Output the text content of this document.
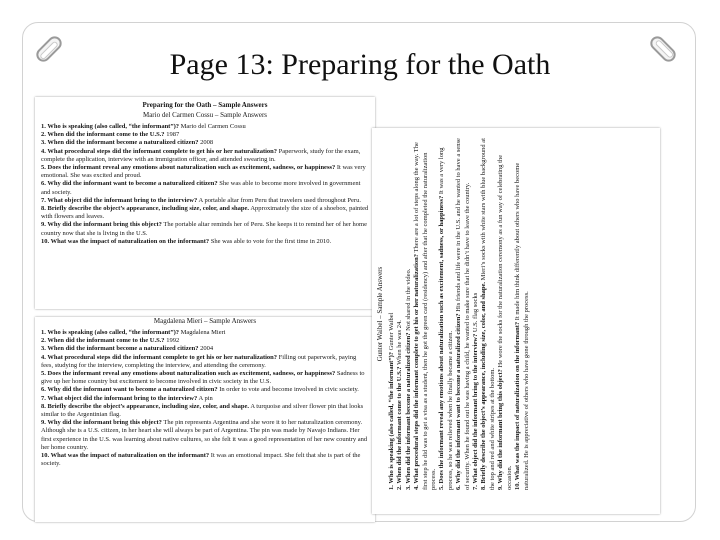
Page 13: Preparing for the Oath
Preparing for the Oath – Sample Answers
Mario del Carmen Cossu – Sample Answers

1. Who is speaking (also called, “the informant”)? Mario del Carmen Cossu

2. When did the informant come to the U.S.? 1987

3. When did the informant become a naturalized citizen? 2008

4. What procedural steps did the informant complete to get his or her naturalization? Paperwork, study for the exam, complete the application, interview with an immigration officer, and attended swearing in.

5. Does the informant reveal any emotions about naturalization such as excitement, sadness, or happiness? It was very emotional. She was excited and proud.

6. Why did the informant want to become a naturalized citizen? She was able to become more involved in government and society.

7. What object did the informant bring to the interview? A portable altar from Peru that travelers used throughout Peru.

8. Briefly describe the object’s appearance, including size, color, and shape. Approximately the size of a shoebox, painted with flowers and leaves.

9. Why did the informant bring this object? The portable altar reminds her of Peru. She keeps it to remind her of her home country now that she is living in the U.S.

10. What was the impact of naturalization on the informant? She was able to vote for the first time in 2010.

Magdalena Mieri – Sample Answers

1. Who is speaking (also called, “the informant”)? Magdalena Mieri

2. When did the informant come to the U.S.? 1992

3. When did the informant become a naturalized citizen? 2004

4. What procedural steps did the informant complete to get his or her naturalization? Filling out paperwork, paying fees, studying for the interview, completing the interview, and attending the ceremony.

5. Does the informant reveal any emotions about naturalization such as excitement, sadness, or happiness? Sadness to give up her home country but excitement to become involved in civic society in the U.S.

6. Why did the informant want to become a naturalized citizen? In order to vote and become involved in civic society.

7. What object did the informant bring to the interview? A pin

8. Briefly describe the object’s appearance, including size, color, and shape. A turquoise and silver flower pin that looks similar to the Argentinian flag.

9. Why did the informant bring this object? The pin represents Argentina and she wore it to her naturalization ceremony. Although she is a U.S. citizen, in her heart she will always be part of Argentina. The pin was made by Navajo Indians. Her first experience in the U.S. was learning about native cultures, so she felt it was a good representation of her new country and her home country.

10. What was the impact of naturalization on the informant? It was an emotional impact. She felt that she is part of the society.

Gunter Waibel – Sample Answers

1. Who is speaking (also called, “the informant”)? Gunter Waibel

2. When did the informant come to the U.S.? When he was 24. 3. When did the informant become a naturalized citizen? Not shared in the video. 4. What procedural steps did the informant complete to get his or her naturalization? There are a lot of steps along the way. The first step he did was to get a visa as a student, then he got the green card (residency) and after that he completed the naturalization process. 5. Does the informant reveal any emotions about naturalization such as excitement, sadness, or happiness? It was a very long process, so he was relieved when he finally became a citizen. 6. Why did the informant want to become a naturalized citizen? His friends and life were in the U.S. and he wanted to have a sense of security. When he found out he was having a child, he wanted to make sure that he didn’t have to leave the country. 7. What object did the informant bring to the interview? U.S. flag socks 8. Briefly describe the object’s appearance, including size, color, and shape. Mieri’s socks with white stars with blue background at the top and red and white stripes at the bottom. 9. Why did the informant bring this object? He wore the socks for the naturalization ceremony as a fun way of celebrating the occasion. 10. What was the impact of naturalization on the informant? It made him think differently about others who have become naturalized. He is appreciative of others who have gone through the process.
